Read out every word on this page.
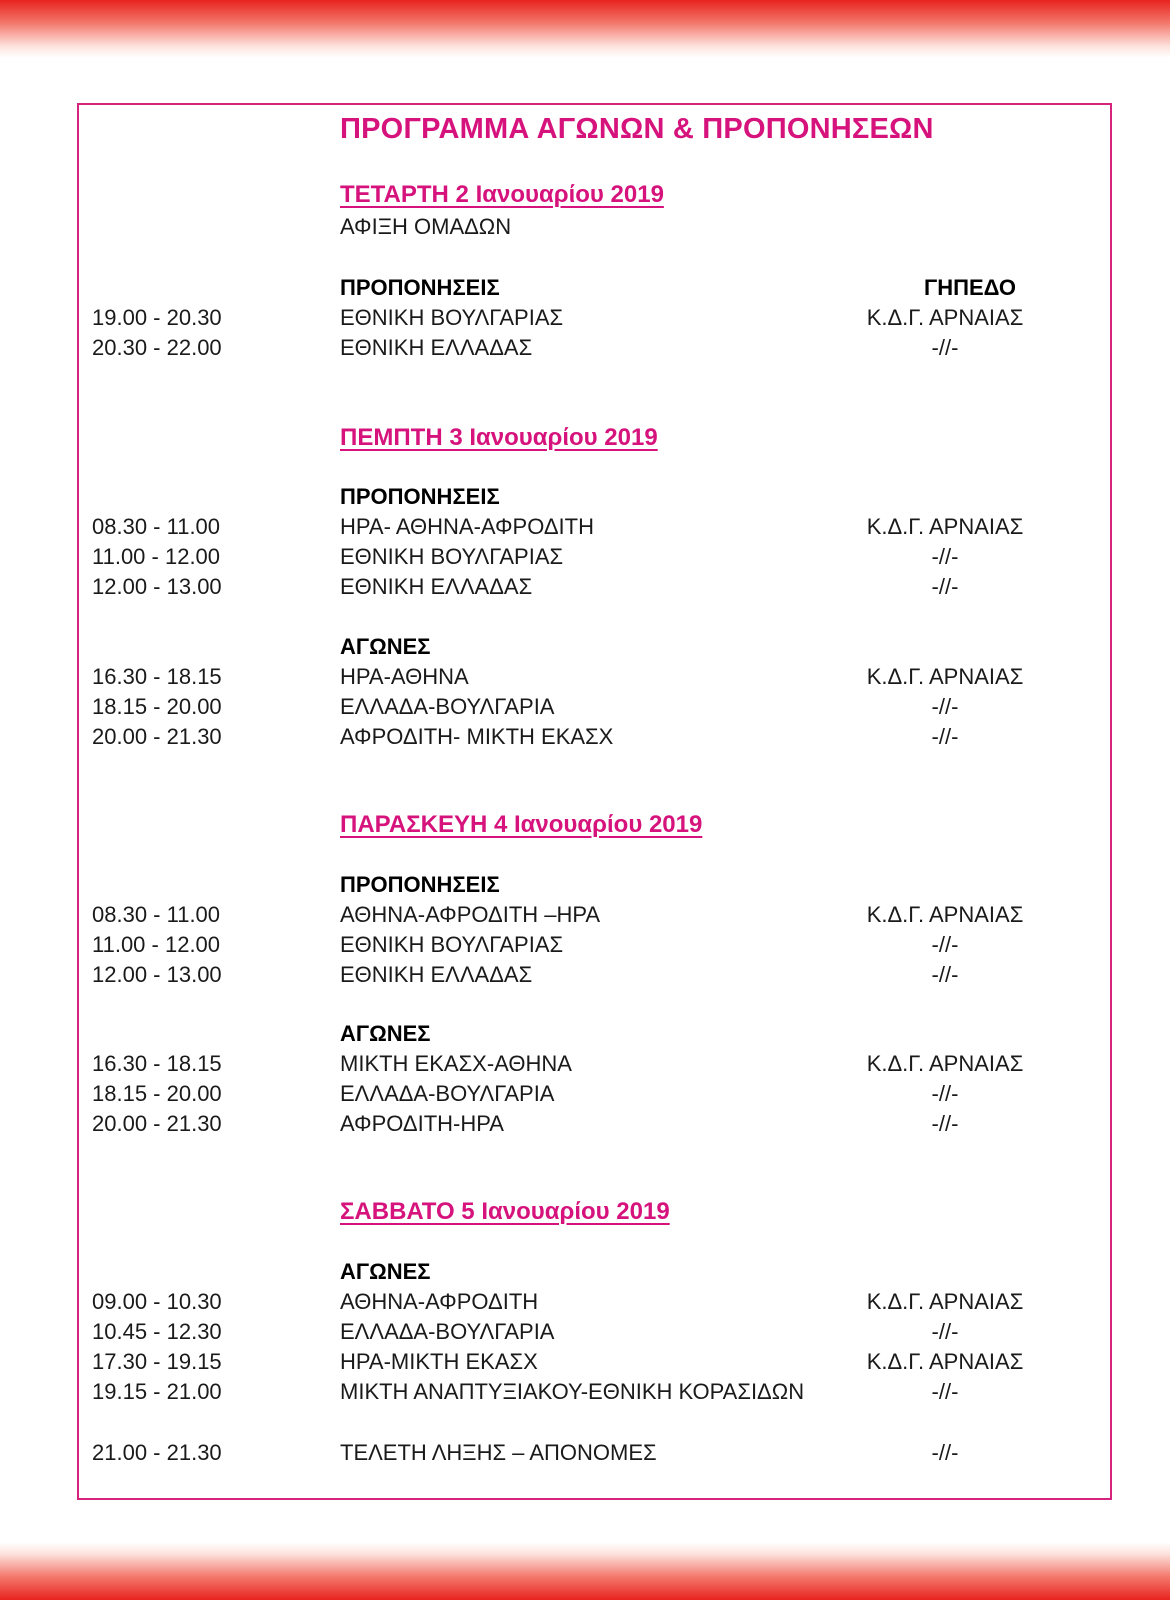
ΠΡΟΓΡΑΜΜΑ ΑΓΩΝΩΝ & ΠΡΟΠΟΝΗΣΕΩΝ
ΤΕΤΑΡΤΗ 2 Ιανουαρίου 2019
ΑΦΙΞΗ ΟΜΑΔΩΝ
ΠΡΟΠΟΝΗΣΕΙΣ	ΓΗΠΕΔΟ
19.00 - 20.30	ΕΘΝΙΚΗ ΒΟΥΛΓΑΡΙΑΣ	Κ.Δ.Γ. ΑΡΝΑΙΑΣ
20.30 - 22.00	ΕΘΝΙΚΗ ΕΛΛΑΔΑΣ	-//-
ΠΕΜΠΤΗ 3 Ιανουαρίου 2019
ΠΡΟΠΟΝΗΣΕΙΣ
08.30 - 11.00	ΗΡΑ- ΑΘΗΝΑ-ΑΦΡΟΔΙΤΗ	Κ.Δ.Γ. ΑΡΝΑΙΑΣ
11.00 - 12.00	ΕΘΝΙΚΗ ΒΟΥΛΓΑΡΙΑΣ	-//-
12.00 - 13.00	ΕΘΝΙΚΗ ΕΛΛΑΔΑΣ	-//-
ΑΓΩΝΕΣ
16.30 - 18.15	ΗΡΑ-ΑΘΗΝΑ	Κ.Δ.Γ. ΑΡΝΑΙΑΣ
18.15 - 20.00	ΕΛΛΑΔΑ-ΒΟΥΛΓΑΡΙΑ	-//-
20.00 - 21.30	ΑΦΡΟΔΙΤΗ- ΜΙΚΤΗ ΕΚΑΣΧ	-//-
ΠΑΡΑΣΚΕΥΗ 4 Ιανουαρίου 2019
ΠΡΟΠΟΝΗΣΕΙΣ
08.30 - 11.00	ΑΘΗΝΑ-ΑΦΡΟΔΙΤΗ –ΗΡΑ	Κ.Δ.Γ. ΑΡΝΑΙΑΣ
11.00 - 12.00	ΕΘΝΙΚΗ ΒΟΥΛΓΑΡΙΑΣ	-//-
12.00 - 13.00	ΕΘΝΙΚΗ ΕΛΛΑΔΑΣ	-//-
ΑΓΩΝΕΣ
16.30 - 18.15	ΜΙΚΤΗ ΕΚΑΣΧ-ΑΘΗΝΑ	Κ.Δ.Γ. ΑΡΝΑΙΑΣ
18.15 - 20.00	ΕΛΛΑΔΑ-ΒΟΥΛΓΑΡΙΑ	-//-
20.00 - 21.30	ΑΦΡΟΔΙΤΗ-ΗΡΑ	-//-
ΣΑΒΒΑΤΟ 5 Ιανουαρίου 2019
ΑΓΩΝΕΣ
09.00 - 10.30	ΑΘΗΝΑ-ΑΦΡΟΔΙΤΗ	Κ.Δ.Γ. ΑΡΝΑΙΑΣ
10.45 - 12.30	ΕΛΛΑΔΑ-ΒΟΥΛΓΑΡΙΑ	-//-
17.30 - 19.15	ΗΡΑ-ΜΙΚΤΗ ΕΚΑΣΧ	Κ.Δ.Γ. ΑΡΝΑΙΑΣ
19.15 - 21.00	ΜΙΚΤΗ ΑΝΑΠΤΥΞΙΑΚΟΥ-ΕΘΝΙΚΗ ΚΟΡΑΣΙΔΩΝ	-//-
21.00 - 21.30	ΤΕΛΕΤΗ ΛΗΞΗΣ – ΑΠΟΝΟΜΕΣ	-//-
